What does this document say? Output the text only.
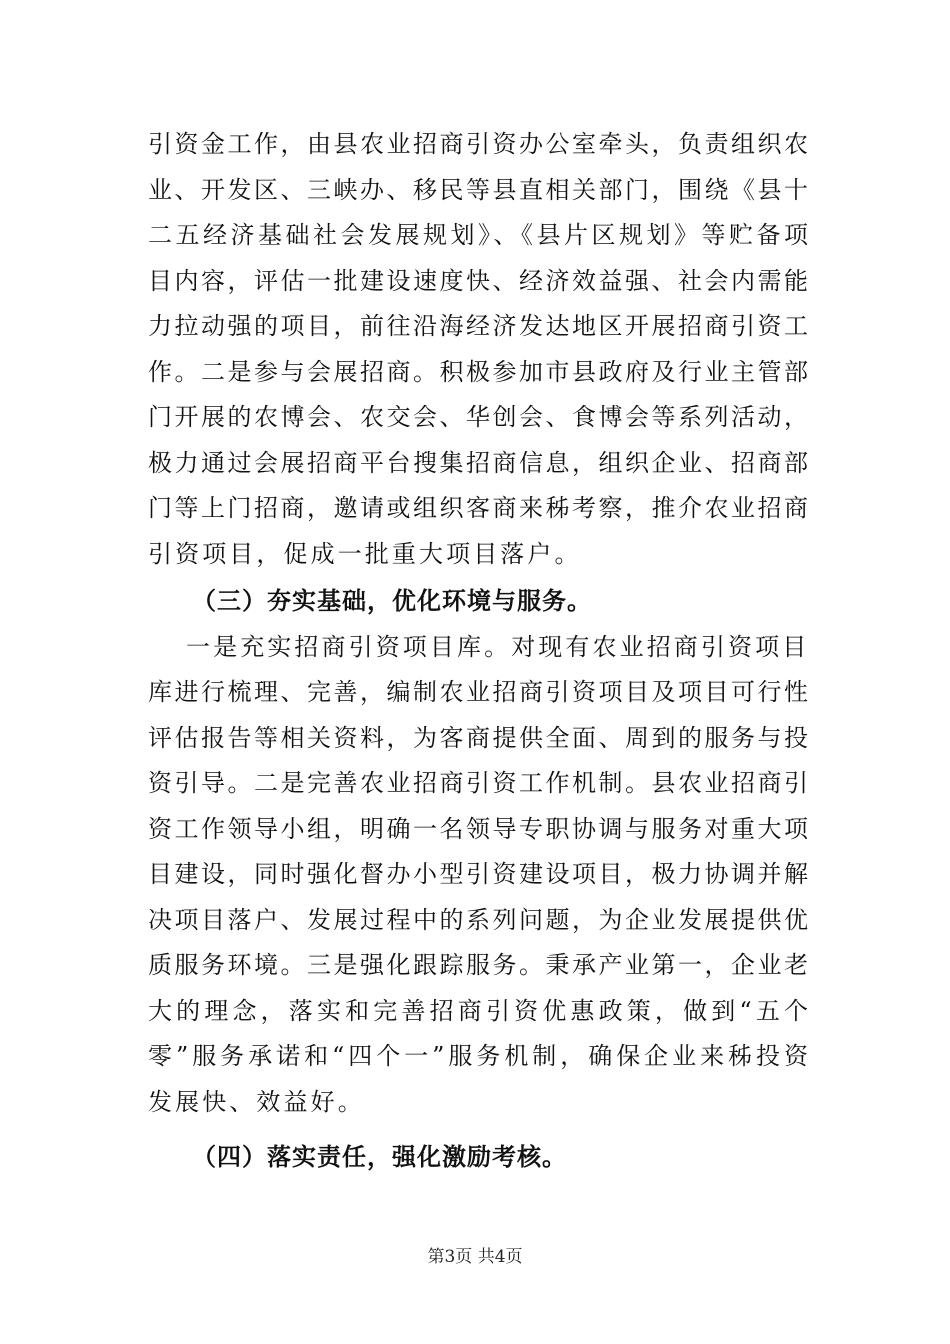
引资金工作，由县农业招商引资办公室牵头，负责组织农
业、开发区、三峡办、移民等县直相关部门，围绕《县十
二五经济基础社会发展规划》、《县片区规划》等贮备项
目内容，评估一批建设速度快、经济效益强、社会内需能
力拉动强的项目，前往沿海经济发达地区开展招商引资工
作。二是参与会展招商。积极参加市县政府及行业主管部
门开展的农博会、农交会、华创会、食博会等系列活动，
极力通过会展招商平台搜集招商信息，组织企业、招商部
门等上门招商，邀请或组织客商来秭考察，推介农业招商
引资项目，促成一批重大项目落户。
（三）夯实基础，优化环境与服务。
一是充实招商引资项目库。对现有农业招商引资项目
库进行梳理、完善，编制农业招商引资项目及项目可行性
评估报告等相关资料，为客商提供全面、周到的服务与投
资引导。二是完善农业招商引资工作机制。县农业招商引
资工作领导小组，明确一名领导专职协调与服务对重大项
目建设，同时强化督办小型引资建设项目，极力协调并解
决项目落户、发展过程中的系列问题，为企业发展提供优
质服务环境。三是强化跟踪服务。秉承产业第一，企业老
大的理念，落实和完善招商引资优惠政策，做到“五个
零”服务承诺和“四个一”服务机制，确保企业来秭投资
发展快、效益好。
（四）落实责任，强化激励考核。
第3页 共4页
